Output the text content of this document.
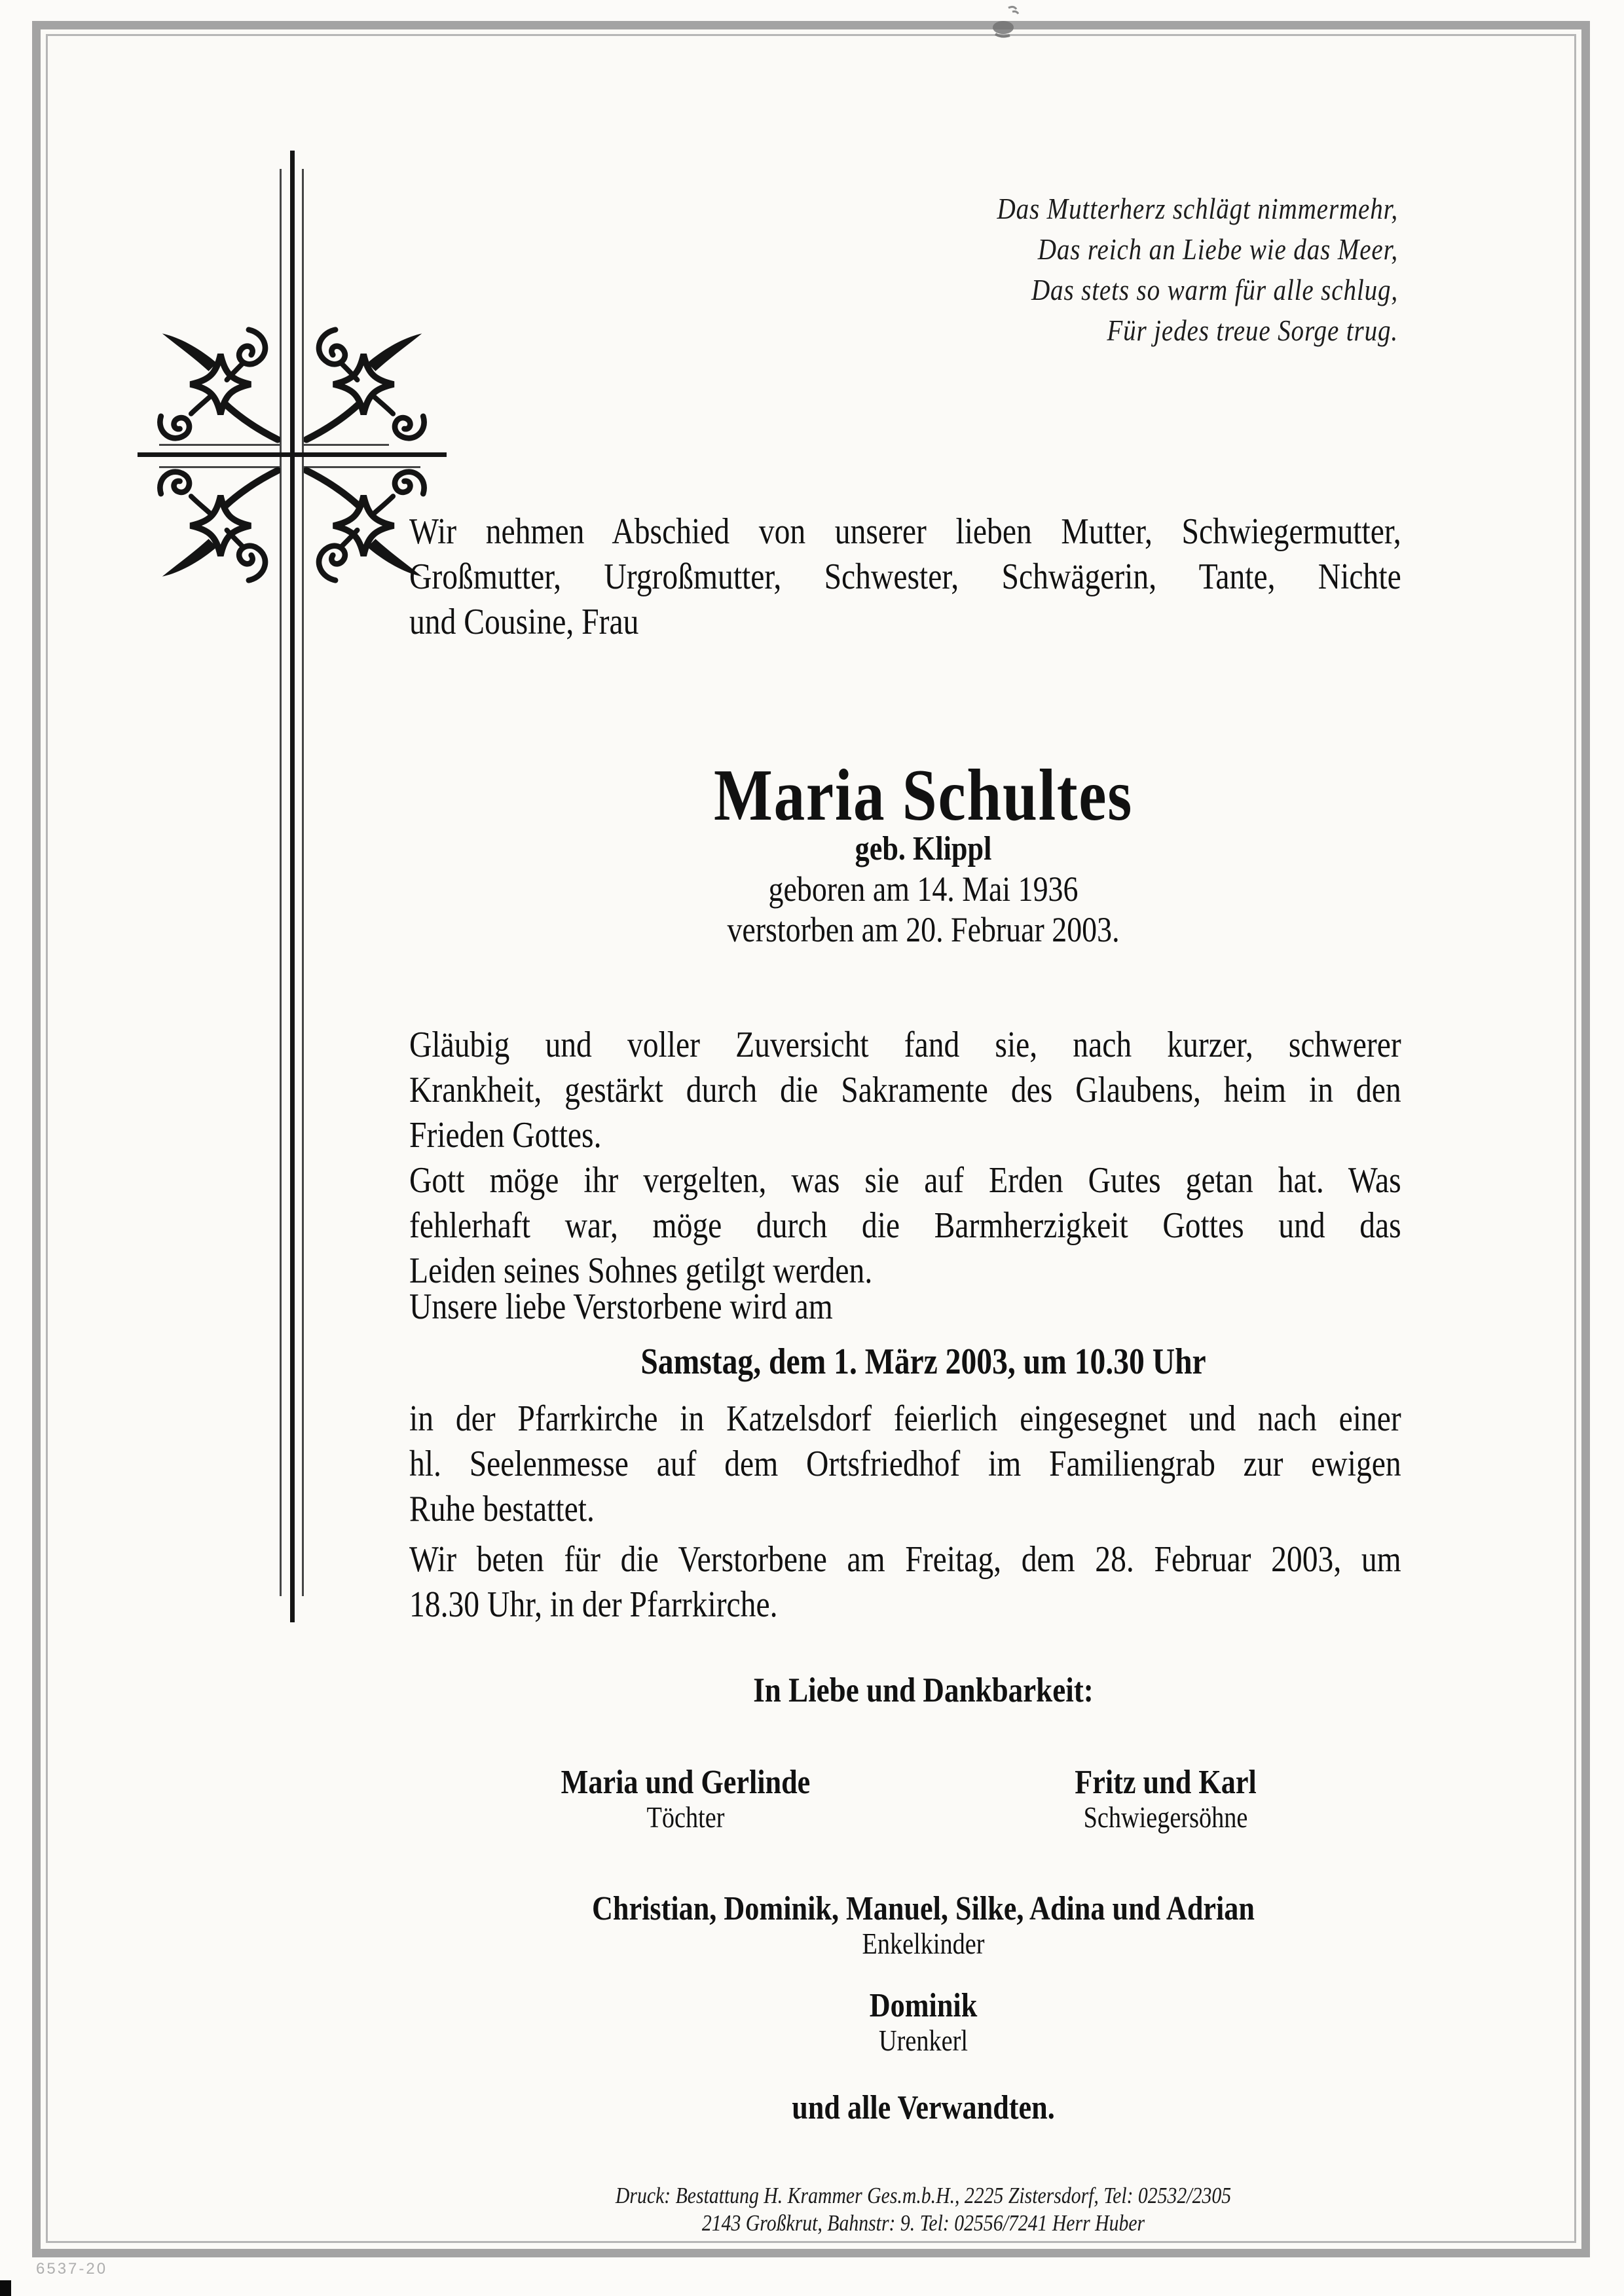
Das Mutterherz schlägt nimmermehr,
Das reich an Liebe wie das Meer,
Das stets so warm für alle schlug,
Für jedes treue Sorge trug.
Wir nehmen Abschied von unserer lieben Mutter, Schwiegermutter,
Großmutter, Urgroßmutter, Schwester, Schwägerin, Tante, Nichte
und Cousine, Frau
Maria Schultes
geb. Klippl
geboren am 14. Mai 1936
verstorben am 20. Februar 2003.
Gläubig und voller Zuversicht fand sie, nach kurzer, schwerer
Krankheit, gestärkt durch die Sakramente des Glaubens, heim in den
Frieden Gottes.
Gott möge ihr vergelten, was sie auf Erden Gutes getan hat. Was
fehlerhaft war, möge durch die Barmherzigkeit Gottes und das
Leiden seines Sohnes getilgt werden.
Unsere liebe Verstorbene wird am
Samstag, dem 1. März 2003, um 10.30 Uhr
in der Pfarrkirche in Katzelsdorf feierlich eingesegnet und nach einer
hl. Seelenmesse auf dem Ortsfriedhof im Familiengrab zur ewigen
Ruhe bestattet.
Wir beten für die Verstorbene am Freitag, dem 28. Februar 2003, um
18.30 Uhr, in der Pfarrkirche.
In Liebe und Dankbarkeit:
Maria und Gerlinde
Töchter
Fritz und Karl
Schwiegersöhne
Christian, Dominik, Manuel, Silke, Adina und Adrian
Enkelkinder
Dominik
Urenkerl
und alle Verwandten.
Druck: Bestattung H. Krammer Ges.m.b.H., 2225 Zistersdorf, Tel: 02532/2305
2143 Großkrut, Bahnstr: 9. Tel: 02556/7241 Herr Huber
6537-20
